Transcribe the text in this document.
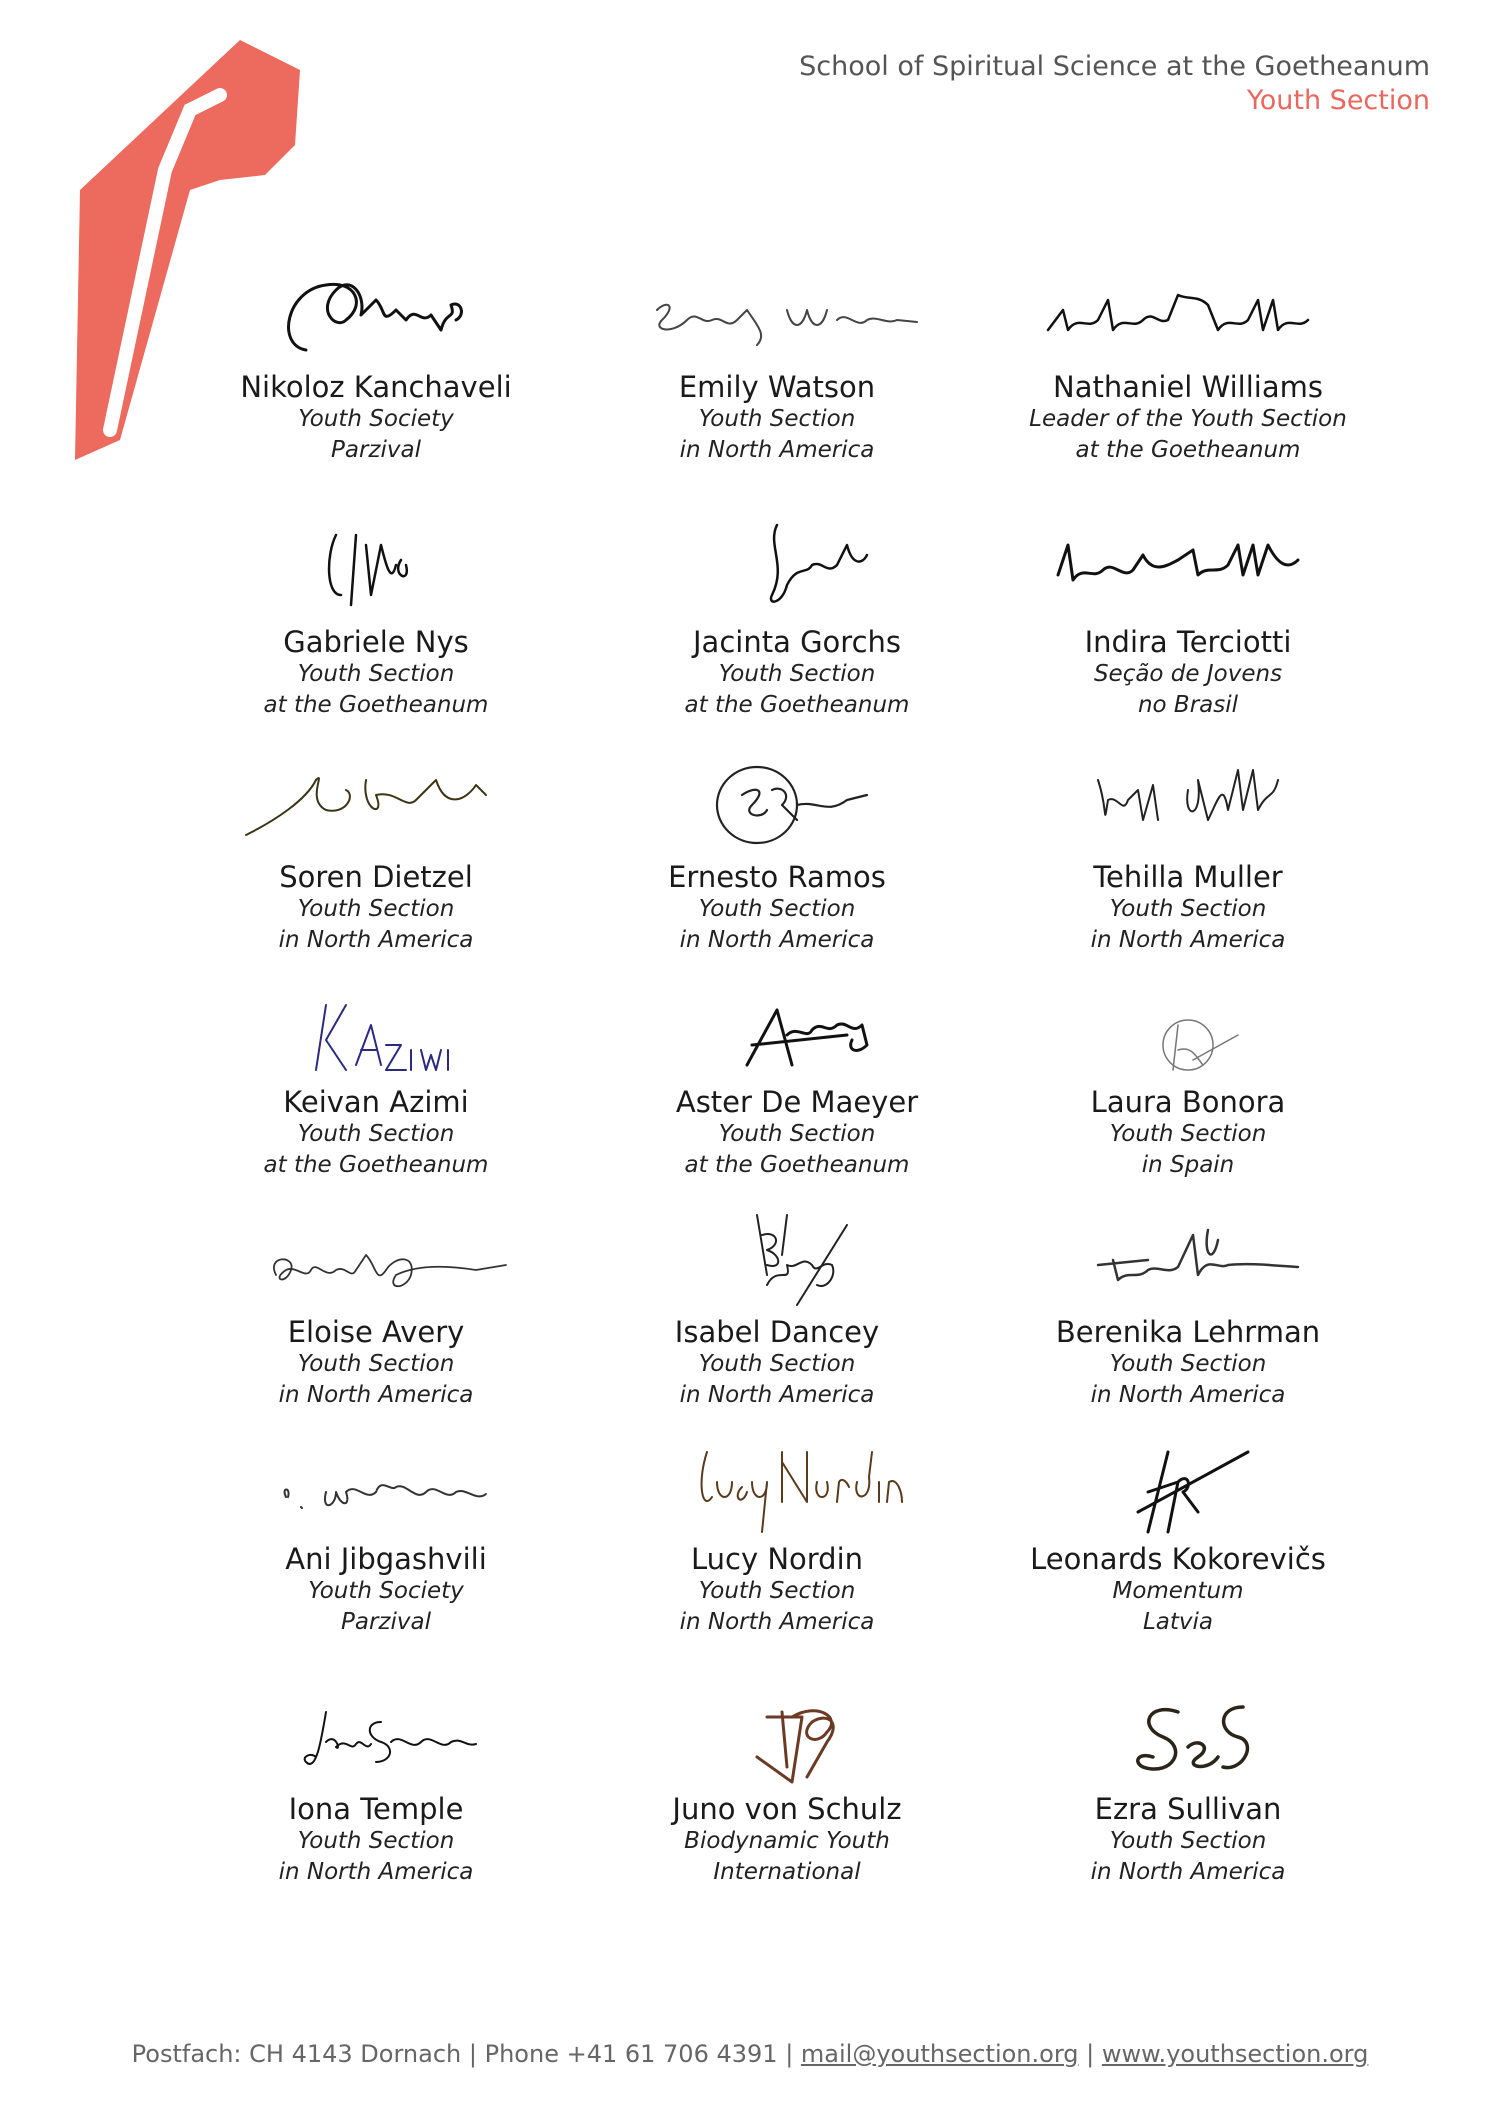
School of Spiritual Science at the Goetheanum
Youth Section
Nikoloz Kanchaveli
Youth Society
Parzival
Emily Watson
Youth Section
in North America
Nathaniel Williams
Leader of the Youth Section
at the Goetheanum
Gabriele Nys
Youth Section
at the Goetheanum
Jacinta Gorchs
Youth Section
at the Goetheanum
Indira Terciotti
Seção de Jovens
no Brasil
Soren Dietzel
Youth Section
in North America
Ernesto Ramos
Youth Section
in North America
Tehilla Muller
Youth Section
in North America
Keivan Azimi
Youth Section
at the Goetheanum
Aster De Maeyer
Youth Section
at the Goetheanum
Laura Bonora
Youth Section
in Spain
Eloise Avery
Youth Section
in North America
Isabel Dancey
Youth Section
in North America
Berenika Lehrman
Youth Section
in North America
Ani Jibgashvili
Youth Society
Parzival
Lucy Nordin
Youth Section
in North America
Leonards Kokorevičs
Momentum
Latvia
Iona Temple
Youth Section
in North America
Juno von Schulz
Biodynamic Youth
International
Ezra Sullivan
Youth Section
in North America
Postfach: CH 4143 Dornach | Phone +41 61 706 4391 | mail@youthsection.org | www.youthsection.org
